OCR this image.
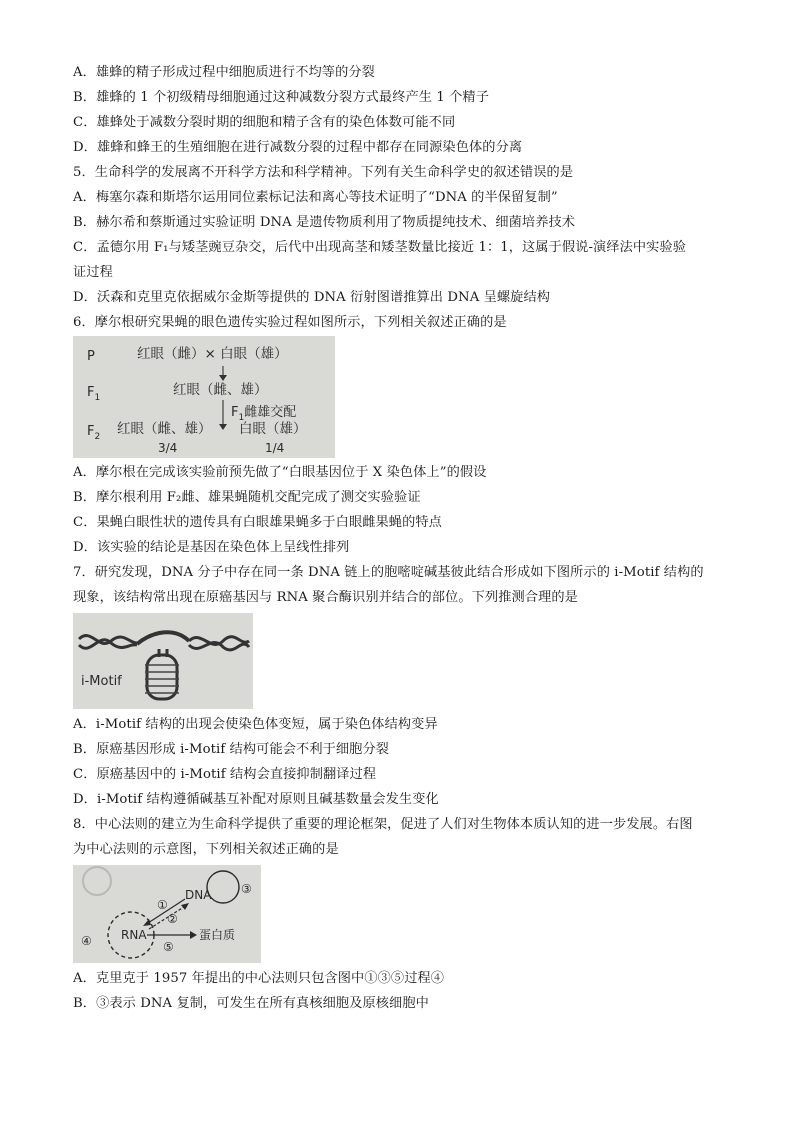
A．雄蜂的精子形成过程中细胞质进行不均等的分裂
B．雄蜂的 1 个初级精母细胞通过这种减数分裂方式最终产生 1 个精子
C．雄蜂处于减数分裂时期的细胞和精子含有的染色体数可能不同
D．雄蜂和蜂王的生殖细胞在进行减数分裂的过程中都存在同源染色体的分离
5．生命科学的发展离不开科学方法和科学精神。下列有关生命科学史的叙述错误的是
A．梅塞尔森和斯塔尔运用同位素标记法和离心等技术证明了“DNA 的半保留复制”
B．赫尔希和蔡斯通过实验证明 DNA 是遗传物质利用了物质提纯技术、细菌培养技术
C．孟德尔用 F₁与矮茎豌豆杂交，后代中出现高茎和矮茎数量比接近 1：1，这属于假说-演绎法中实验验
证过程
D．沃森和克里克依据威尔金斯等提供的 DNA 衍射图谱推算出 DNA 呈螺旋结构
6．摩尔根研究果蝇的眼色遗传实验过程如图所示，下列相关叙述正确的是
P	红眼（雌）× 白眼（雄）
$F_1$	红眼（雌、雄）
$F_1$雌雄交配
$F_2$ 红眼（雌、雄） 白眼（雄）
3/4	1/4
A．摩尔根在完成该实验前预先做了“白眼基因位于 X 染色体上”的假设
B．摩尔根利用 F₂雌、雄果蝇随机交配完成了测交实验验证
C．果蝇白眼性状的遗传具有白眼雄果蝇多于白眼雌果蝇的特点
D．该实验的结论是基因在染色体上呈线性排列
7．研究发现，DNA 分子中存在同一条 DNA 链上的胞嘧啶碱基彼此结合形成如下图所示的 i-Motif 结构的
现象，该结构常出现在原癌基因与 RNA 聚合酶识别并结合的部位。下列推测合理的是
i-Motif
A．i-Motif 结构的出现会使染色体变短，属于染色体结构变异
B．原癌基因形成 i-Motif 结构可能会不利于细胞分裂
C．原癌基因中的 i-Motif 结构会直接抑制翻译过程
D．i-Motif 结构遵循碱基互补配对原则且碱基数量会发生变化
8．中心法则的建立为生命科学提供了重要的理论框架，促进了人们对生物体本质认知的进一步发展。右图
为中心法则的示意图，下列相关叙述正确的是
DNA
RNA	蛋白质
①
②
③
④	⑤
A．克里克于 1957 年提出的中心法则只包含图中①③⑤过程④
B．③表示 DNA 复制，可发生在所有真核细胞及原核细胞中
